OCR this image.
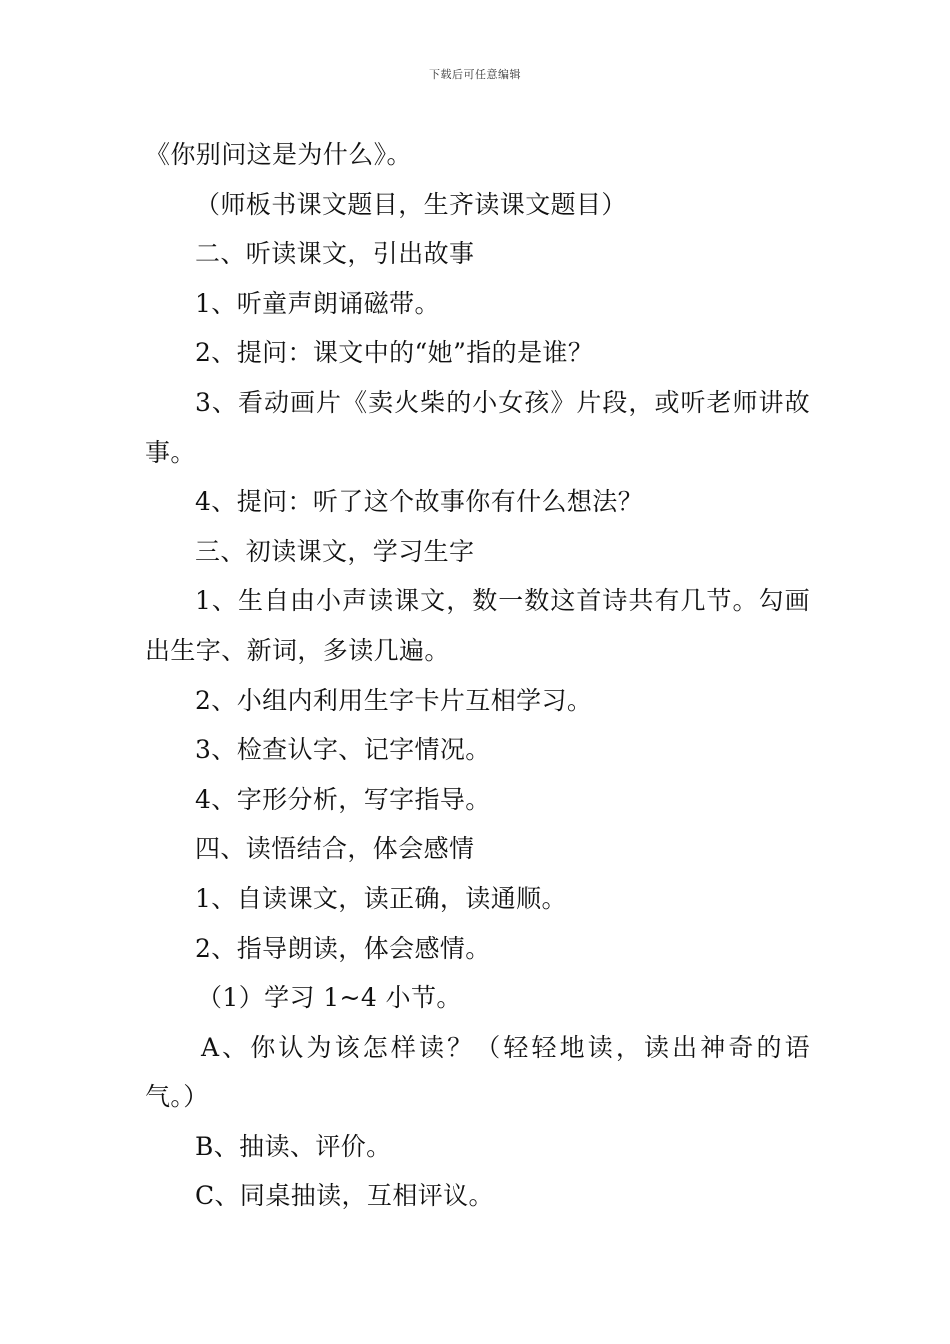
下载后可任意编辑
《你别问这是为什么》。
（师板书课文题目，生齐读课文题目）
二、听读课文，引出故事
1、听童声朗诵磁带。
2、提问：课文中的“她”指的是谁？
3、看动画片《卖火柴的小女孩》片段，或听老师讲故
事。
4、提问：听了这个故事你有什么想法？
三、初读课文，学习生字
1、生自由小声读课文，数一数这首诗共有几节。勾画
出生字、新词，多读几遍。
2、小组内利用生字卡片互相学习。
3、检查认字、记字情况。
4、字形分析，写字指导。
四、读悟结合，体会感情
1、自读课文，读正确，读通顺。
2、指导朗读，体会感情。
（1）学习 1~4 小节。
A、你认为该怎样读？（轻轻地读，读出神奇的语
气。）
B、抽读、评价。
C、同桌抽读，互相评议。
